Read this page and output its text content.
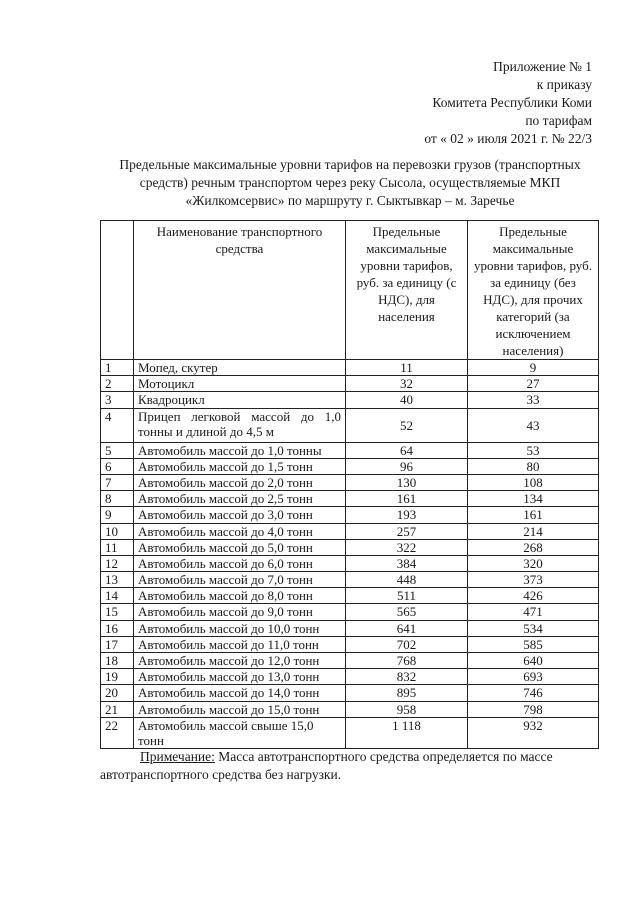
Приложение № 1
к приказу
Комитета Республики Коми
по тарифам
от « 02 » июля 2021 г. № 22/3
Предельные максимальные уровни тарифов на перевозки грузов (транспортных средств) речным транспортом через реку Сысола, осуществляемые МКП «Жилкомсервис» по маршруту г. Сыктывкар – м. Заречье
	Наименование транспортного средства	Предельные максимальные уровни тарифов, руб. за единицу (с НДС), для населения	Предельные максимальные уровни тарифов, руб. за единицу (без НДС), для прочих категорий (за исключением населения)
1	Мопед, скутер	11	9
2	Мотоцикл	32	27
3	Квадроцикл	40	33
4	Прицеп легковой массой до 1,0 тонны и длиной до 4,5 м	52	43
5	Автомобиль массой до 1,0 тонны	64	53
6	Автомобиль массой до 1,5 тонн	96	80
7	Автомобиль массой до 2,0 тонн	130	108
8	Автомобиль массой до 2,5 тонн	161	134
9	Автомобиль массой до 3,0 тонн	193	161
10	Автомобиль массой до 4,0 тонн	257	214
11	Автомобиль массой до 5,0 тонн	322	268
12	Автомобиль массой до 6,0 тонн	384	320
13	Автомобиль массой до 7,0 тонн	448	373
14	Автомобиль массой до 8,0 тонн	511	426
15	Автомобиль массой до 9,0 тонн	565	471
16	Автомобиль массой до 10,0 тонн	641	534
17	Автомобиль массой до 11,0 тонн	702	585
18	Автомобиль массой до 12,0 тонн	768	640
19	Автомобиль массой до 13,0 тонн	832	693
20	Автомобиль массой до 14,0 тонн	895	746
21	Автомобиль массой до 15,0 тонн	958	798
22	Автомобиль массой свыше 15,0 тонн	1 118	932
Примечание: Масса автотранспортного средства определяется по массе автотранспортного средства без нагрузки.
